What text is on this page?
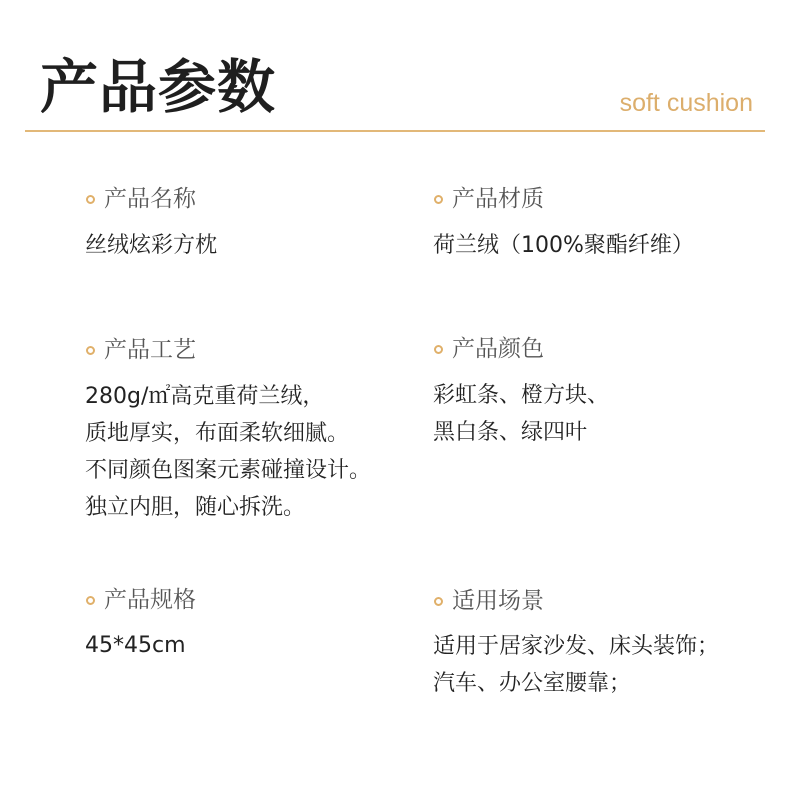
产品参数	soft cushion
产品名称
丝绒炫彩方枕
产品材质
荷兰绒（100%聚酯纤维）
产品工艺
280g/㎡高克重荷兰绒，
质地厚实，布面柔软细腻。
不同颜色图案元素碰撞设计。
独立内胆，随心拆洗。
产品颜色
彩虹条、橙方块、
黑白条、绿四叶
产品规格
45*45cm
适用场景
适用于居家沙发、床头装饰；
汽车、办公室腰靠；
